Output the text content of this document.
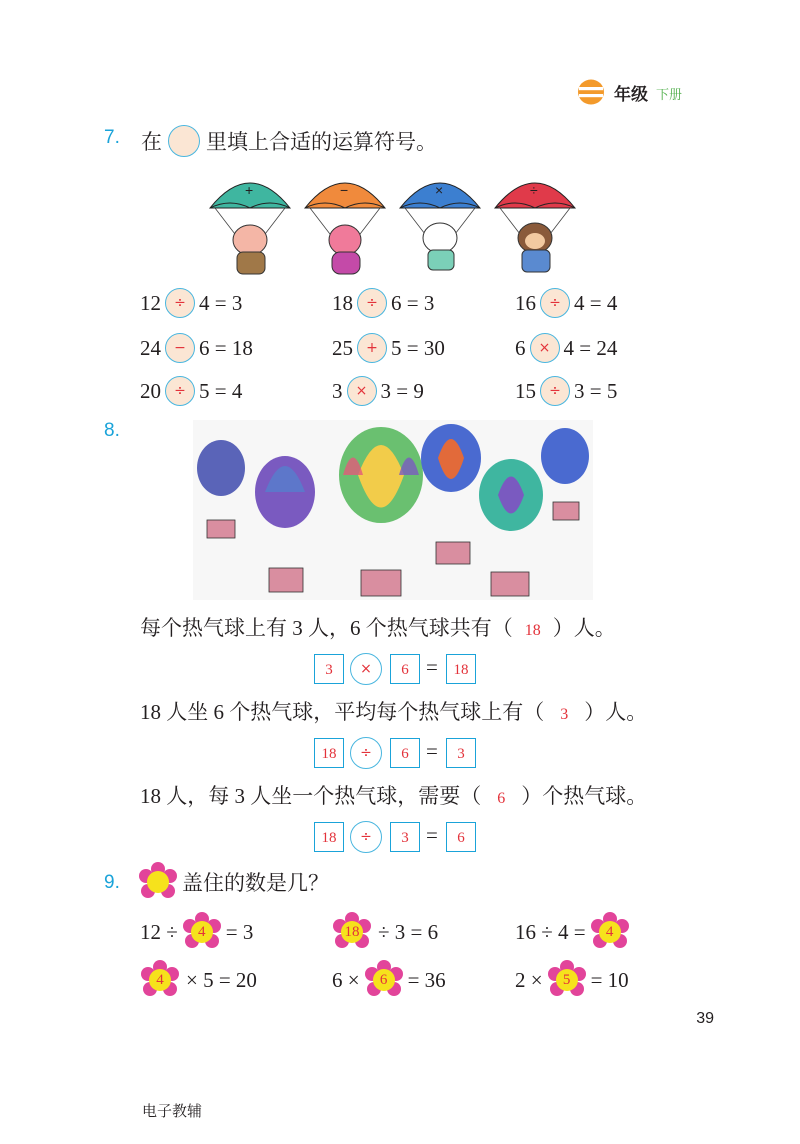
年级 下册
7. 在 里填上合适的运算符号。
+	−	×	÷
12 ÷ 4 = 3	18 ÷ 6 = 3	16 ÷ 4 = 4
24 − 6 = 18	25 + 5 = 30	6 × 4 = 24
20 ÷ 5 = 4	3 × 3 = 9	15 ÷ 3 = 5
8.
每个热气球上有 3 人，6 个热气球共有（ 18 ）人。
3	×	6 =	18
18 人坐 6 个热气球，平均每个热气球上有（ 3 ）人。
18	÷	6 =	3
18 人，每 3 人坐一个热气球，需要（ 6 ）个热气球。
18	÷	3 =	6
9.	盖住的数是几？
12 ÷	4 = 3	18 ÷ 3 = 6	16 ÷ 4 =	4
4	× 5 = 20	6 ×	6 = 36	2 ×	5 = 10
39
电子教辅
